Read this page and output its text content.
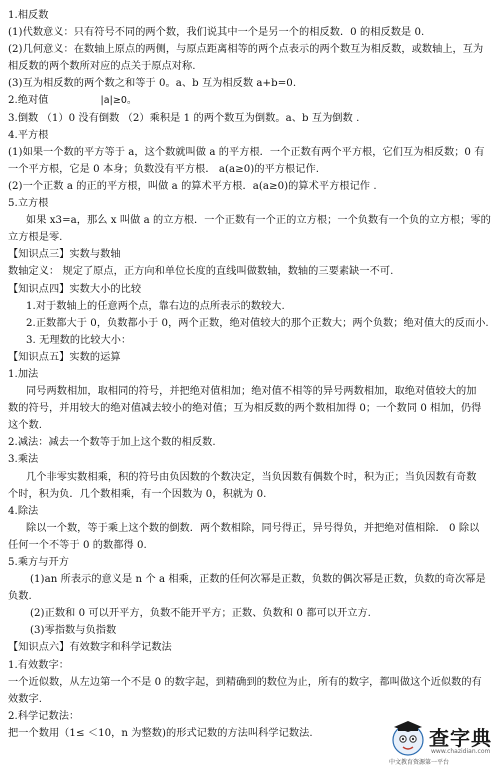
1.相反数
(1)代数意义：只有符号不同的两个数，我们说其中一个是另一个的相反数．0 的相反数是 0.
(2)几何意义：在数轴上原点的两侧，与原点距离相等的两个点表示的两个数互为相反数，或数轴上，互为
相反数的两个数所对应的点关于原点对称.
(3)互为相反数的两个数之和等于 0。a、b 互为相反数 a+b=0.
2.绝对值	|a|≥0。
3.倒数 （1）0 没有倒数 （2）乘积是 1 的两个数互为倒数。a、b 互为倒数 .
4.平方根
(1)如果一个数的平方等于 a，这个数就叫做 a 的平方根．一个正数有两个平方根，它们互为相反数；0 有
一个平方根，它是 0 本身；负数没有平方根． a(a≥0)的平方根记作.
(2)一个正数 a 的正的平方根，叫做 a 的算术平方根．a(a≥0)的算术平方根记作 .
5.立方根
如果 x3=a，那么 x 叫做 a 的立方根．一个正数有一个正的立方根；一个负数有一个负的立方根；零的
立方根是零.
【知识点三】实数与数轴
数轴定义： 规定了原点，正方向和单位长度的直线叫做数轴，数轴的三要素缺一不可.
【知识点四】实数大小的比较
1.对于数轴上的任意两个点，靠右边的点所表示的数较大.
2.正数都大于 0，负数都小于 0，两个正数，绝对值较大的那个正数大；两个负数；绝对值大的反而小.
3. 无理数的比较大小：
【知识点五】实数的运算
1.加法
同号两数相加，取相同的符号，并把绝对值相加；绝对值不相等的异号两数相加，取绝对值较大的加
数的符号，并用较大的绝对值减去较小的绝对值；互为相反数的两个数相加得 0；一个数同 0 相加，仍得
这个数.
2.减法：减去一个数等于加上这个数的相反数.
3.乘法
几个非零实数相乘，积的符号由负因数的个数决定，当负因数有偶数个时，积为正；当负因数有奇数
个时，积为负．几个数相乘，有一个因数为 0，积就为 0.
4.除法
除以一个数，等于乘上这个数的倒数．两个数相除，同号得正，异号得负，并把绝对值相除． 0 除以
任何一个不等于 0 的数都得 0.
5.乘方与开方
(1)an 所表示的意义是 n 个 a 相乘，正数的任何次幂是正数，负数的偶次幂是正数，负数的奇次幂是
负数.
(2)正数和 0 可以开平方，负数不能开平方；正数、负数和 0 都可以开立方.
(3)零指数与负指数
【知识点六】有效数字和科学记数法
1.有效数字：
一个近似数，从左边第一个不是 0 的数字起，到精确到的数位为止，所有的数字，都叫做这个近似数的有
效数字.
2.科学记数法：
把一个数用（1≤ ＜10，n 为整数)的形式记数的方法叫科学记数法.	查字典
www.chazidian.com
中文教育资源第一平台
